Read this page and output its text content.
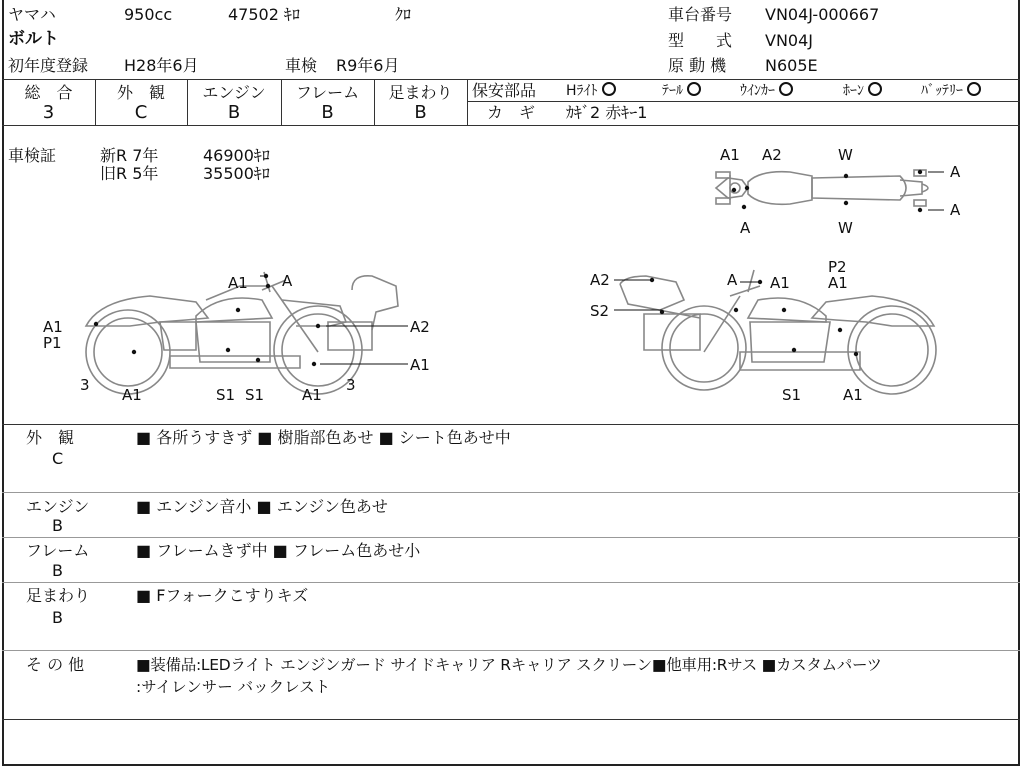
ヤマハ	950cc	47502 ｷﾛ	ｸﾛ	車台番号 VN04J-000667
ボルト	型　　式 VN04J
初年度登録 H28年6月	車検 R9年6月	原 動 機 N605E
総　合
3
外　観
C
エンジン
B
フレーム
B
足まわり
B
保安部品 Hﾗｲﾄ	ﾃｰﾙ	ｳｲﾝｶｰ	ﾎｰﾝ	ﾊﾞｯﾃﾘｰ
カ　ギ ｶｷﾞ2 赤ｷｰ1
車検証	新R 7年	46900ｷﾛ
旧R 5年	35500ｷﾛ
A1 A2	W
A
A
A	W
A1 A
A1
P1
A2
A1
3
A1	S1 S1	A1
3
A2	A A1
P2
A1
S2
S1	A1
外　観
C
■ 各所うすきず ■ 樹脂部色あせ ■ シート色あせ中
エンジン
B
■ エンジン音小 ■ エンジン色あせ
フレーム
B
■ フレームきず中 ■ フレーム色あせ小
足まわり
B
■ Fフォークこすりキズ
そ の 他	■装備品:LEDライト エンジンガード サイドキャリア Rキャリア スクリーン■他車用:Rサス ■カスタムパーツ
:サイレンサー バックレスト
